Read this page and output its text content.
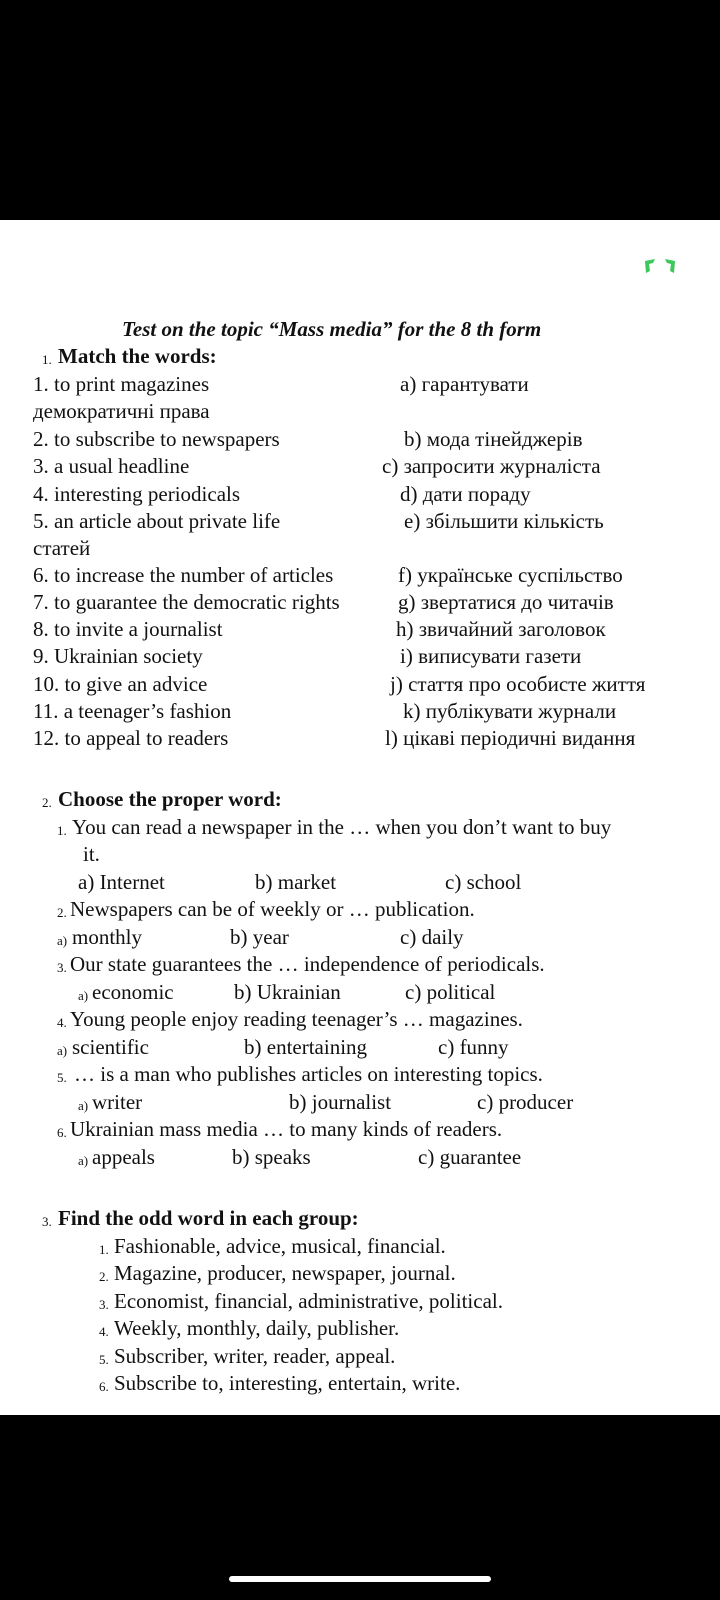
Test on the topic “Mass media” for the 8 th form
1. Match the words:
1. to print magazines	a) гарантувати
демократичні права
2. to subscribe to newspapers	b) мода тінейджерів
3. a usual headline	c) запросити журналіста
4. interesting periodicals	d) дати пораду
5. an article about private life	e) збільшити кількість
статей
6. to increase the number of articles	f) українське суспільство
7. to guarantee the democratic rights	g) звертатися до читачів
8. to invite a journalist	h) звичайний заголовок
9. Ukrainian society	i) виписувати газети
10. to give an advice	j) стаття про особисте життя
11. a teenager’s fashion	k) публікувати журнали
12. to appeal to readers	l) цікаві періодичні видання
2. Choose the proper word:
1. You can read a newspaper in the … when you don’t want to buy
it.
a) Internet	b) market	c) school
2. Newspapers can be of weekly or … publication.
a) monthly	b) year	c) daily
3. Our state guarantees the … independence of periodicals.
a) economic	b) Ukrainian	c) political
4. Young people enjoy reading teenager’s … magazines.
a) scientific	b) entertaining	c) funny
5. … is a man who publishes articles on interesting topics.
a) writer	b) journalist	c) producer
6. Ukrainian mass media … to many kinds of readers.
a) appeals	b) speaks	c) guarantee
3. Find the odd word in each group:
1. Fashionable, advice, musical, financial.
2. Magazine, producer, newspaper, journal.
3. Economist, financial, administrative, political.
4. Weekly, monthly, daily, publisher.
5. Subscriber, writer, reader, appeal.
6. Subscribe to, interesting, entertain, write.
